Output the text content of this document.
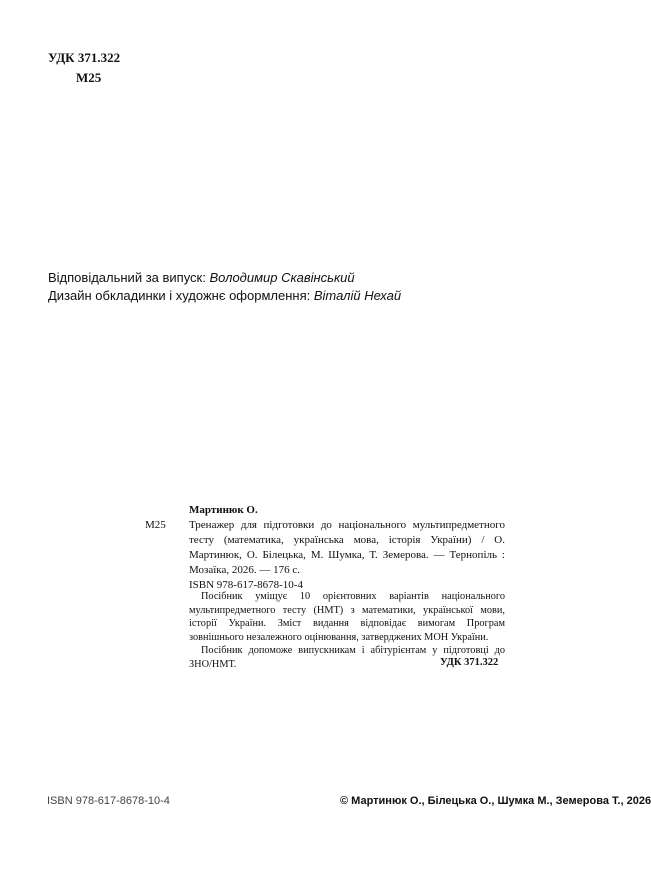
УДК 371.322
М25
Відповідальний за випуск: Володимир Скавінський
Дизайн обкладинки і художнє оформлення: Віталій Нехай
Мартинюк О.
М25	Тренажер для підготовки до національного мультипредметного тесту (математика, українська мова, історія України) / О. Мартинюк, О. Білецька, М. Шумка, Т. Земерова. — Тернопіль : Мозаїка, 2026. — 176 с.
ISBN 978-617-8678-10-4

Посібник уміщує 10 орієнтовних варіантів національного мультипредметного тесту (НМТ) з математики, української мови, історії України. Зміст видання відповідає вимогам Програм зовнішнього незалежного оцінювання, затверджених МОН України.

Посібник допоможе випускникам і абітурієнтам у підготовці до ЗНО/НМТ.	УДК 371.322
ISBN 978-617-8678-10-4	© Мартинюк О., Білецька О., Шумка М., Земерова Т., 2026
